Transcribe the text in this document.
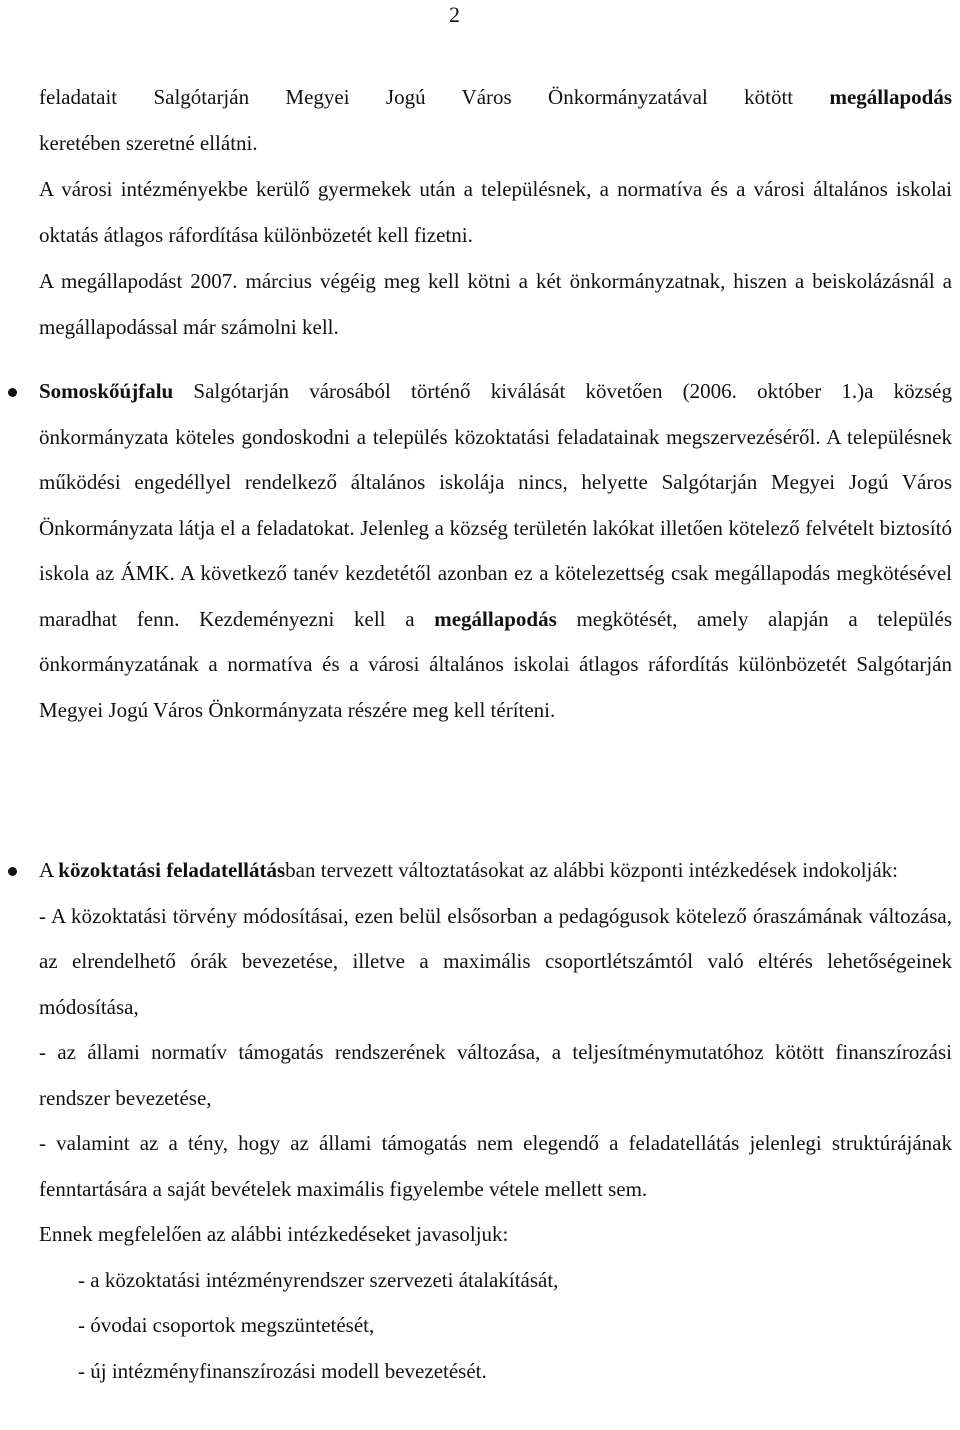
2
feladatait Salgótarján Megyei Jogú Város Önkormányzatával kötött megállapodás
keretében szeretné ellátni.

A városi intézményekbe kerülő gyermekek után a településnek, a normatíva és a városi általános iskolai oktatás átlagos ráfordítása különbözetét kell fizetni.

A megállapodást 2007. március végéig meg kell kötni a két önkormányzatnak, hiszen a beiskolázásnál a megállapodással már számolni kell.

Somoskőújfalu Salgótarján városából történő kiválását követően (2006. október 1.)a község önkormányzata köteles gondoskodni a település közoktatási feladatainak megszervezéséről. A településnek működési engedéllyel rendelkező általános iskolája nincs, helyette Salgótarján Megyei Jogú Város Önkormányzata látja el a feladatokat. Jelenleg a község területén lakókat illetően kötelező felvételt biztosító iskola az ÁMK. A következő tanév kezdetétől azonban ez a kötelezettség csak megállapodás megkötésével maradhat fenn. Kezdeményezni kell a megállapodás megkötését, amely alapján a település önkormányzatának a normatíva és a városi általános iskolai átlagos ráfordítás különbözetét Salgótarján Megyei Jogú Város Önkormányzata részére meg kell téríteni.

A közoktatási feladatellátásban tervezett változtatásokat az alábbi központi intézkedések indokolják:

- A közoktatási törvény módosításai, ezen belül elsősorban a pedagógusok kötelező óraszámának változása, az elrendelhető órák bevezetése, illetve a maximális csoportlétszámtól való eltérés lehetőségeinek módosítása,

- az állami normatív támogatás rendszerének változása, a teljesítménymutatóhoz kötött finanszírozási rendszer bevezetése,

- valamint az a tény, hogy az állami támogatás nem elegendő a feladatellátás jelenlegi struktúrájának fenntartására a saját bevételek maximális figyelembe vétele mellett sem.

Ennek megfelelően az alábbi intézkedéseket javasoljuk:

- a közoktatási intézményrendszer szervezeti átalakítását,
- óvodai csoportok megszüntetését,
- új intézményfinanszírozási modell bevezetését.
